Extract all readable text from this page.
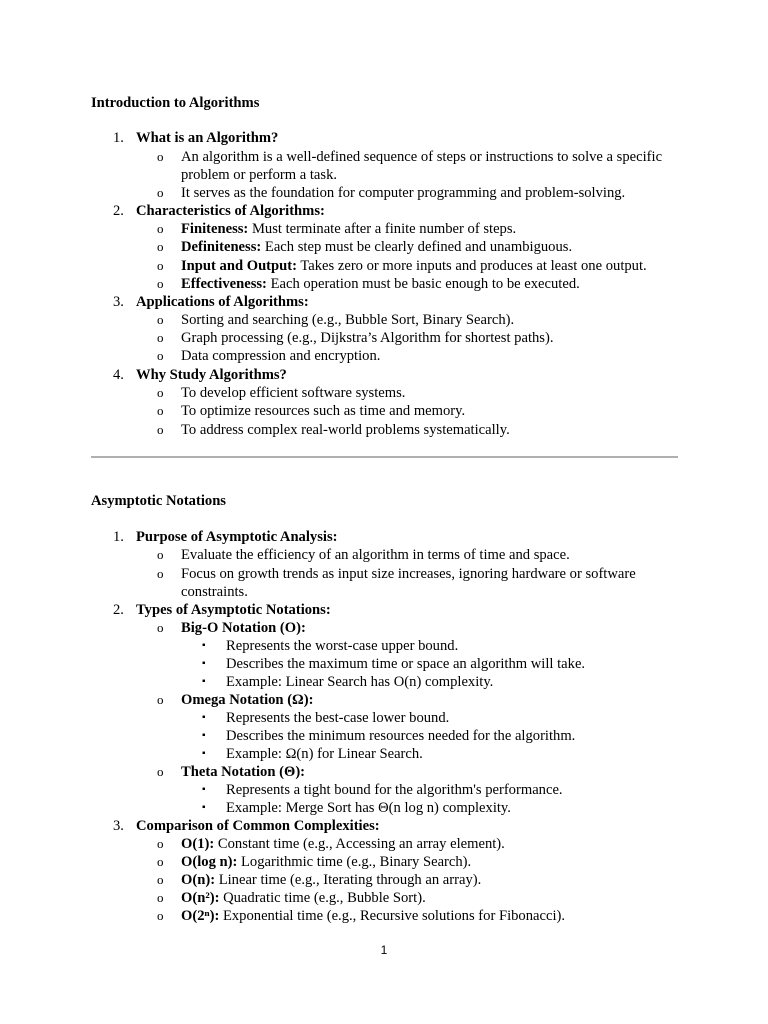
Introduction to Algorithms
1. What is an Algorithm?
o An algorithm is a well-defined sequence of steps or instructions to solve a specific
problem or perform a task.
o It serves as the foundation for computer programming and problem-solving.
2. Characteristics of Algorithms:
o Finiteness: Must terminate after a finite number of steps.
o Definiteness: Each step must be clearly defined and unambiguous.
o Input and Output: Takes zero or more inputs and produces at least one output.
o Effectiveness: Each operation must be basic enough to be executed.
3. Applications of Algorithms:
o Sorting and searching (e.g., Bubble Sort, Binary Search).
o Graph processing (e.g., Dijkstra’s Algorithm for shortest paths).
o Data compression and encryption.
4. Why Study Algorithms?
o To develop efficient software systems.
o To optimize resources such as time and memory.
o To address complex real-world problems systematically.
Asymptotic Notations
1. Purpose of Asymptotic Analysis:
o Evaluate the efficiency of an algorithm in terms of time and space.
o Focus on growth trends as input size increases, ignoring hardware or software
constraints.
2. Types of Asymptotic Notations:
o Big-O Notation (O):
▪ Represents the worst-case upper bound.
▪ Describes the maximum time or space an algorithm will take.
▪ Example: Linear Search has O(n) complexity.
o Omega Notation (Ω):
▪ Represents the best-case lower bound.
▪ Describes the minimum resources needed for the algorithm.
▪ Example: Ω(n) for Linear Search.
o Theta Notation (Θ):
▪ Represents a tight bound for the algorithm's performance.
▪ Example: Merge Sort has Θ(n log n) complexity.
3. Comparison of Common Complexities:
o O(1): Constant time (e.g., Accessing an array element).
o O(log n): Logarithmic time (e.g., Binary Search).
o O(n): Linear time (e.g., Iterating through an array).
o O(n²): Quadratic time (e.g., Bubble Sort).
o O(2ⁿ): Exponential time (e.g., Recursive solutions for Fibonacci).
1
